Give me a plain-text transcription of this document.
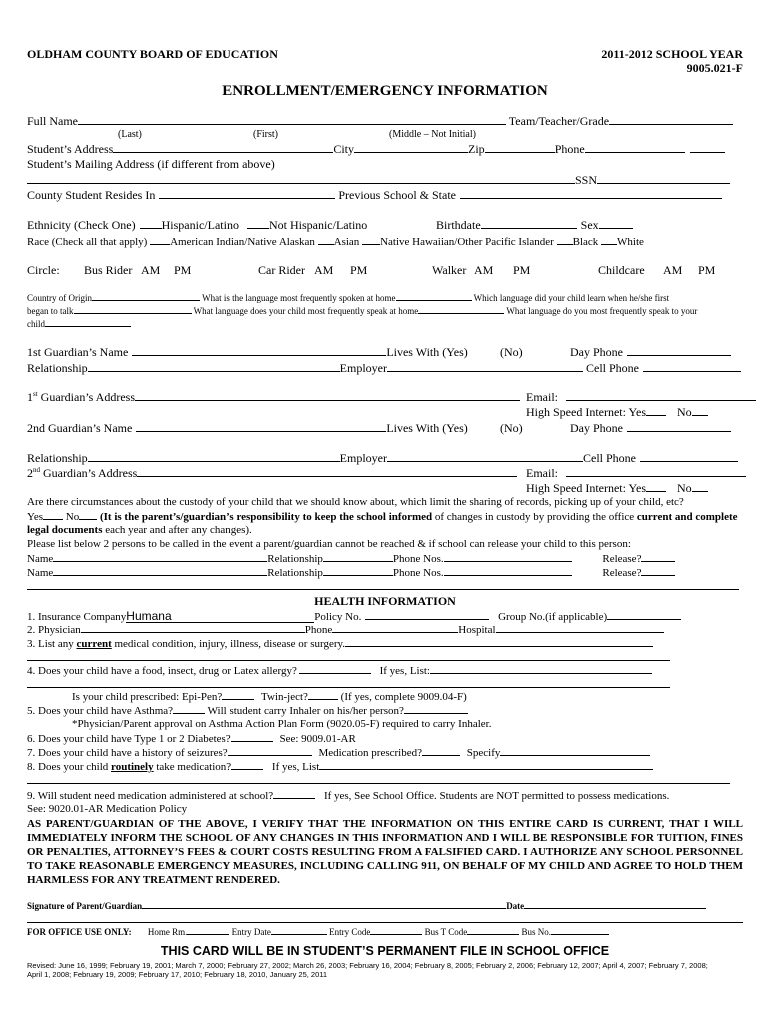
OLDHAM COUNTY BOARD OF EDUCATION	2011-2012 SCHOOL YEAR
9005.021-F
ENROLLMENT/EMERGENCY INFORMATION
Full Name	Team/Teacher/Grade
(Last)	(First)	(Middle – Not Initial)
Student’s Address	City	Zip	Phone
Student’s Mailing Address (if different from above)
SSN
County Student Resides In	Previous School & State
Ethnicity (Check One) Hispanic/Latino	Not Hispanic/Latino	Birthdate	Sex
Race (Check all that apply) American Indian/Native Alaskan Asian Native Hawaiian/Other Pacific Islander Black White
Circle: Bus Rider AM PM	Car Rider AM PM	Walker AM PM	Childcare AM PM
Country of Origin	What is the language most frequently spoken at home	Which language did your child learn when he/she first
began to talk	What language does your child most frequently speak at home	What language do you most frequently speak to your
child
1st Guardian’s Name	Lives With (Yes)	(No)	Day Phone
Relationship	Employer	Cell Phone
1st Guardian’s Address	Email:
High Speed Internet: Yes	No
2nd Guardian’s Name	Lives With (Yes)	(No)	Day Phone
Relationship	Employer	Cell Phone
2nd Guardian’s Address	Email:
High Speed Internet: Yes	No
Are there circumstances about the custody of your child that we should know about, which limit the sharing of records, picking up of your child, etc?
Yes No (It is the parent’s/guardian’s responsibility to keep the school informed of changes in custody by providing the office current and complete legal documents each year and after any changes).
Please list below 2 persons to be called in the event a parent/guardian cannot be reached & if school can release your child to this person:
Name	Relationship	Phone Nos.	Release?
Name	Relationship	Phone Nos.	Release?
HEALTH INFORMATION
1. Insurance CompanyHumana	Policy No.	Group No.(if applicable)
2. Physician	Phone	Hospital
3. List any current medical condition, injury, illness, disease or surgery.
4. Does your child have a food, insect, drug or Latex allergy?	If yes, List:
Is your child prescribed: Epi-Pen?	Twin-ject?	(If yes, complete 9009.04-F)
5. Does your child have Asthma?	Will student carry Inhaler on his/her person?
*Physician/Parent approval on Asthma Action Plan Form (9020.05-F) required to carry Inhaler.
6. Does your child have Type 1 or 2 Diabetes?	See: 9009.01-AR
7. Does your child have a history of seizures?	Medication prescribed?	Specify
8. Does your child routinely take medication?	If yes, List
9. Will student need medication administered at school?	If yes, See School Office. Students are NOT permitted to possess medications.
See: 9020.01-AR Medication Policy
AS PARENT/GUARDIAN OF THE ABOVE, I VERIFY THAT THE INFORMATION ON THIS ENTIRE CARD IS CURRENT, THAT I WILL IMMEDIATELY INFORM THE SCHOOL OF ANY CHANGES IN THIS INFORMATION AND I WILL BE RESPONSIBLE FOR TUITION, FINES OR PENALTIES, ATTORNEY’S FEES & COURT COSTS RESULTING FROM A FALSIFIED CARD. I AUTHORIZE ANY SCHOOL PERSONNEL TO TAKE REASONABLE EMERGENCY MEASURES, INCLUDING CALLING 911, ON BEHALF OF MY CHILD AND AGREE TO HOLD THEM HARMLESS FOR ANY TREATMENT RENDERED.
Signature of Parent/Guardian	Date
FOR OFFICE USE ONLY: Home Rm.	Entry Date	Entry Code	Bus T Code	Bus No.
THIS CARD WILL BE IN STUDENT’S PERMANENT FILE IN SCHOOL OFFICE
Revised: June 16, 1999; February 19, 2001; March 7, 2000; February 27, 2002; March 26, 2003; February 16, 2004; February 8, 2005; February 2, 2006; February 12, 2007; April 4, 2007; February 7, 2008;
April 1, 2008; February 19, 2009; February 17, 2010; February 18, 2010, January 25, 2011
